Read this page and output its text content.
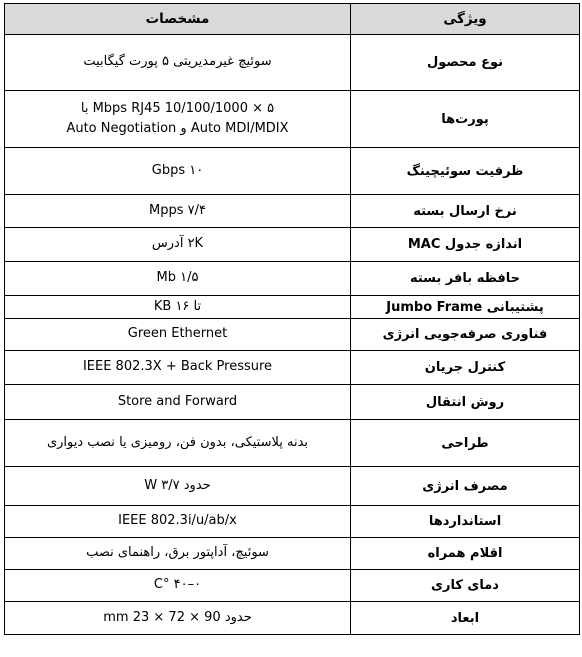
ویژگی	مشخصات
نوع محصول	سوئیچ غیرمدیریتی ۵ پورت گیگابیت

پورت‌ها	۵ × 10/100/1000 Mbps RJ45 با
Auto MDI/MDIX و Auto Negotiation

ظرفیت سوئیچینگ	۱۰ Gbps

نرخ ارسال بسته	۷/۴ Mpps

اندازه جدول MAC	۲K آدرس

حافظه بافر بسته	۱/۵ Mb

پشتیبانی Jumbo Frame	تا ۱۶ KB

فناوری صرفه‌جویی انرژی	Green Ethernet

کنترل جریان	IEEE 802.3X + Back Pressure

روش انتقال	Store and Forward

طراحی	بدنه پلاستیکی، بدون فن، رومیزی یا نصب دیواری

مصرف انرژی	حدود ۳/۷ W

استانداردها	IEEE 802.3i/u/ab/x

اقلام همراه	سوئیچ، آداپتور برق، راهنمای نصب

دمای کاری	۰–۴۰ °C

ابعاد	حدود 90 × 72 × 23 mm
